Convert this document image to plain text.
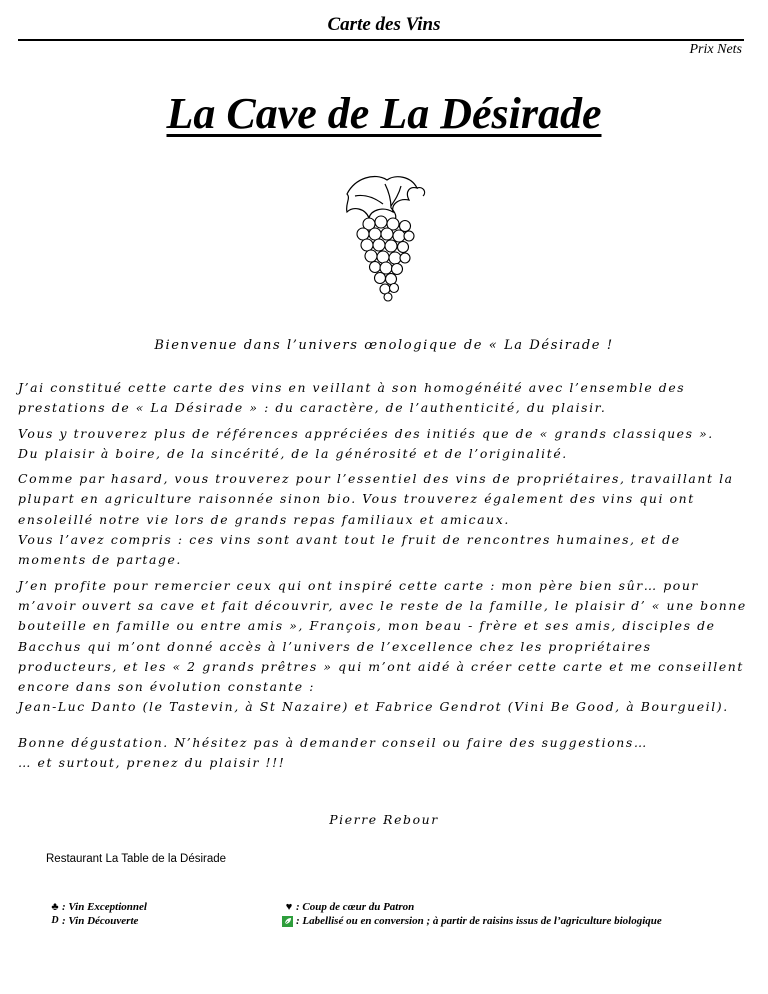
Carte des Vins
Prix Nets
La Cave de La Désirade
Bienvenue dans l’univers œnologique de « La Désirade !

J’ai constitué cette carte des vins en veillant à son homogénéité avec l’ensemble des prestations de « La Désirade » : du caractère, de l’authenticité, du plaisir.

Vous y trouverez plus de références appréciées des initiés que de « grands classiques ».
Du plaisir à boire, de la sincérité, de la générosité et de l’originalité.

Comme par hasard, vous trouverez pour l’essentiel des vins de propriétaires, travaillant la plupart en agriculture raisonnée sinon bio. Vous trouverez également des vins qui ont ensoleillé notre vie lors de grands repas familiaux et amicaux.
Vous l’avez compris : ces vins sont avant tout le fruit de rencontres humaines, et de moments de partage.

J’en profite pour remercier ceux qui ont inspiré cette carte : mon père bien sûr… pour m’avoir ouvert sa cave et fait découvrir, avec le reste de la famille, le plaisir d’ « une bonne bouteille en famille ou entre amis », François, mon beau - frère et ses amis, disciples de Bacchus qui m’ont donné accès à l’univers de l’excellence chez les propriétaires producteurs, et les « 2 grands prêtres » qui m’ont aidé à créer cette carte et me conseillent encore dans son évolution constante :
Jean-Luc Danto (le Tastevin, à St Nazaire) et Fabrice Gendrot (Vini Be Good, à Bourgueil).

Bonne dégustation. N’hésitez pas à demander conseil ou faire des suggestions…

… et surtout, prenez du plaisir !!!

Pierre Rebour
Restaurant La Table de la Désirade
♣ : Vin Exceptionnel
D : Vin Découverte
♥ : Coup de cœur du Patron
: Labellisé ou en conversion ; à partir de raisins issus de l’agriculture biologique
